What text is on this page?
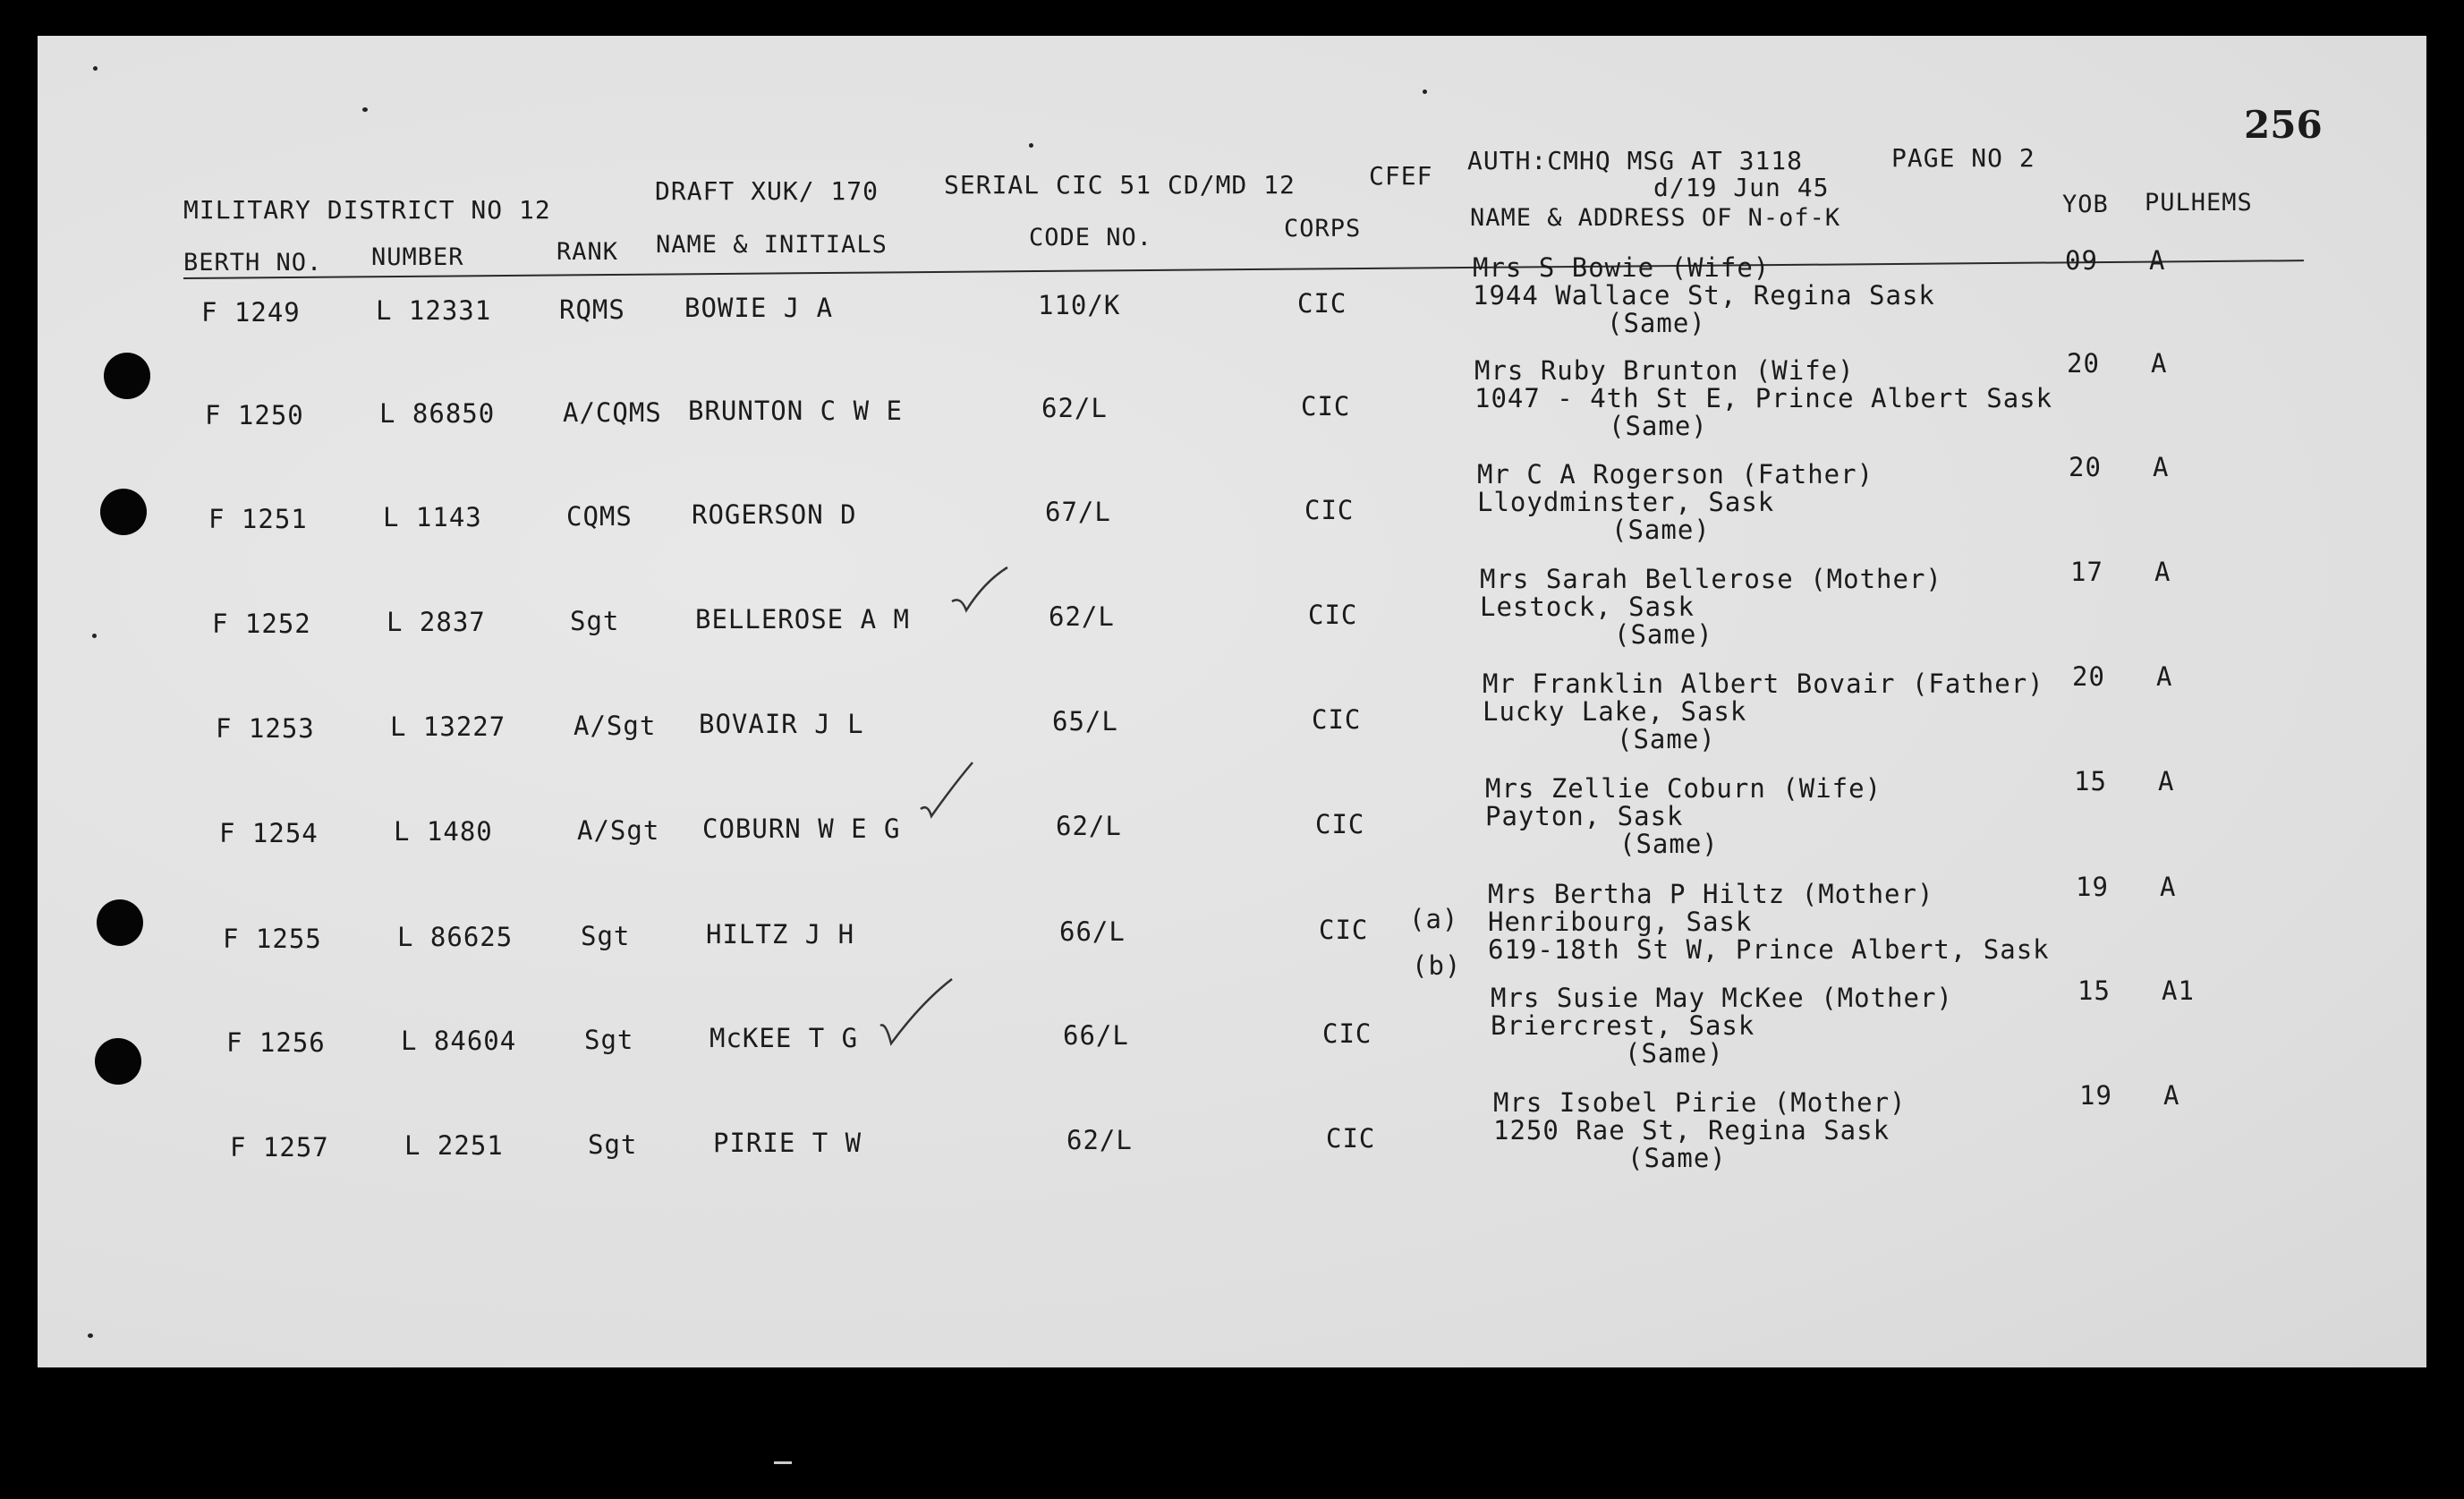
256
MILITARY DISTRICT NO 12
DRAFT XUK/ 170	SERIAL CIC 51 CD/MD 12	CFEF
AUTH:CMHQ MSG AT 3118
d/19 Jun 45
PAGE NO 2
BERTH NO. NUMBER	RANK NAME & INITIALS	CODE NO.	CORPS	NAME & ADDRESS OF N-of-K	YOB PULHEMS
F 1249	L 12331	RQMS BOWIE J A	110/K	CIC
Mrs S Bowie (Wife)
1944 Wallace St, Regina Sask
(Same)
09 A
F 1250	L 86850	A/CQMS BRUNTON C W E	62/L	CIC
Mrs Ruby Brunton (Wife)
1047 - 4th St E, Prince Albert Sask
(Same)
20 A
F 1251	L 1143	CQMS ROGERSON D	67/L	CIC
Mr C A Rogerson (Father)
Lloydminster, Sask
(Same)
20 A
F 1252	L 2837	Sgt	BELLEROSE A M	62/L	CIC
Mrs Sarah Bellerose (Mother)
Lestock, Sask
(Same)
17 A
F 1253	L 13227	A/Sgt BOVAIR J L	65/L	CIC
Mr Franklin Albert Bovair (Father)
Lucky Lake, Sask
(Same)
20 A
F 1254	L 1480	A/Sgt COBURN W E G	62/L	CIC
Mrs Zellie Coburn (Wife)
Payton, Sask
(Same)
15 A
F 1255	L 86625	Sgt	HILTZ J H	66/L	CIC (a)
(b)
Mrs Bertha P Hiltz (Mother)
Henribourg, Sask
619-18th St W, Prince Albert, Sask
19 A
F 1256	L 84604	Sgt	McKEE T G	66/L	CIC
Mrs Susie May McKee (Mother)
Briercrest, Sask
(Same)
15 A1
F 1257	L 2251	Sgt	PIRIE T W	62/L	CIC
Mrs Isobel Pirie (Mother)
1250 Rae St, Regina Sask
(Same)
19 A
